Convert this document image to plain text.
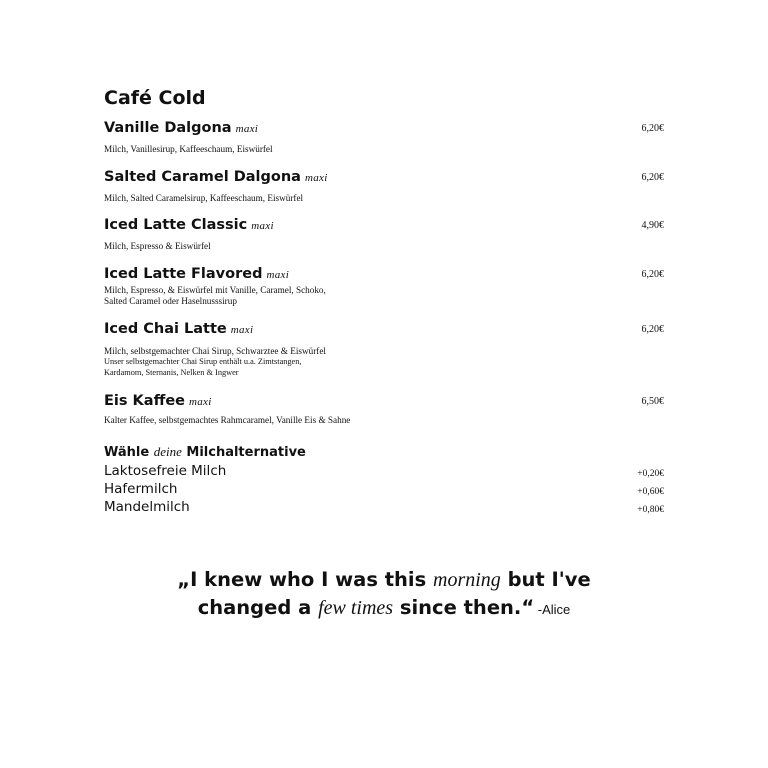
Café Cold
Vanille Dalgona maxi	6,20€
Milch, Vanillesirup, Kaffeeschaum, Eiswürfel
Salted Caramel Dalgona maxi	6,20€
Milch, Salted Caramelsirup, Kaffeeschaum, Eiswürfel
Iced Latte Classic maxi	4,90€
Milch, Espresso & Eiswürfel
Iced Latte Flavored maxi	6,20€
Milch, Espresso, & Eiswürfel mit Vanille, Caramel, Schoko,
Salted Caramel oder Haselnusssirup
Iced Chai Latte maxi	6,20€
Milch, selbstgemachter Chai Sirup, Schwarztee & Eiswürfel
Unser selbstgemachter Chai Sirup enthält u.a. Zimtstangen,
Kardamom, Sternanis, Nelken & Ingwer
Eis Kaffee maxi	6,50€
Kalter Kaffee, selbstgemachtes Rahmcaramel, Vanille Eis & Sahne
Wähle deine Milchalternative
Laktosefreie Milch	+0,20€
Hafermilch	+0,60€
Mandelmilch	+0,80€
„I knew who I was this morning but I've
changed a few times since then.“ -Alice
